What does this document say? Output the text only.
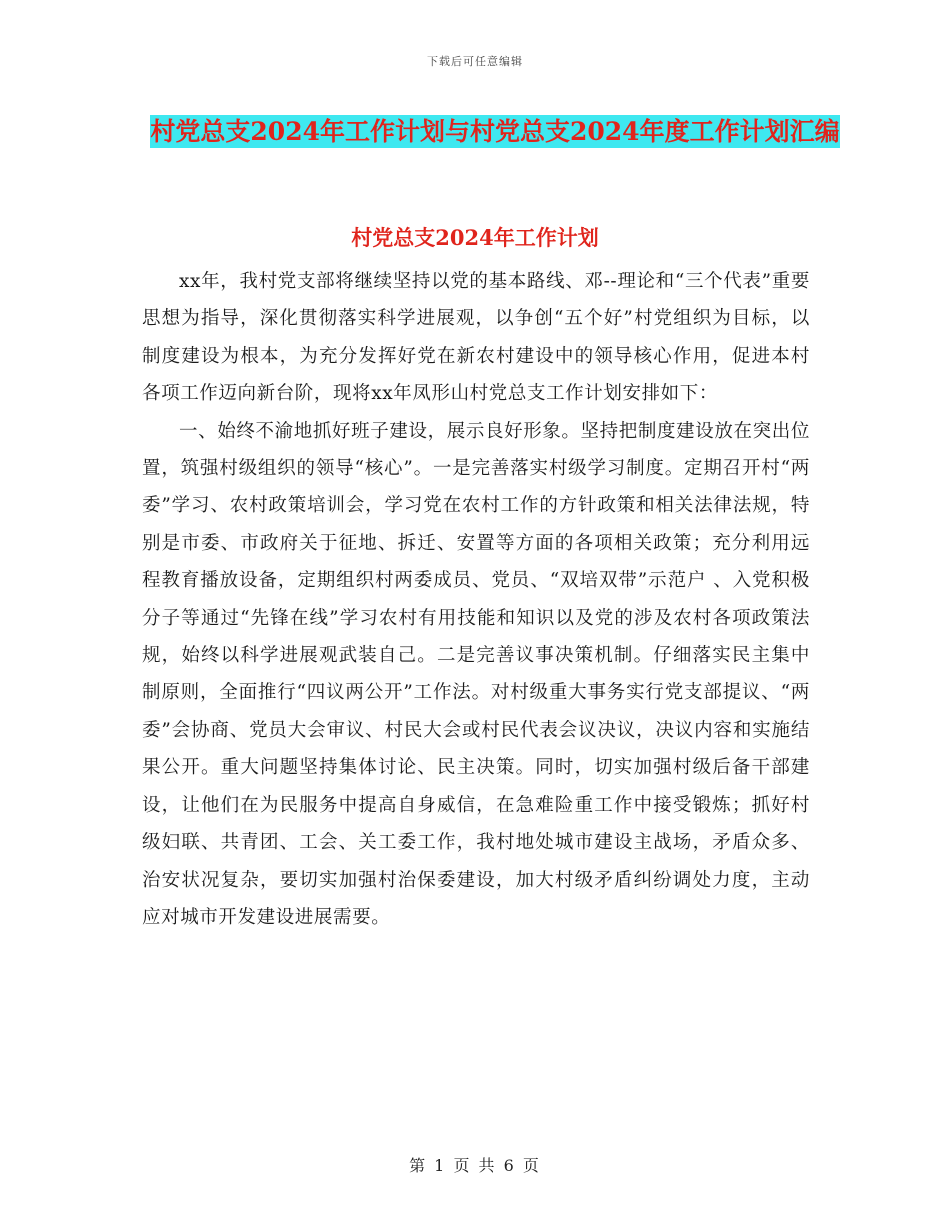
下载后可任意编辑
村党总支2024年工作计划与村党总支2024年度工作计划汇编
村党总支2024年工作计划

xx年，我村党支部将继续坚持以党的基本路线、邓--理论和“三个代表”重要思想为指导，深化贯彻落实科学进展观，以争创“五个好”村党组织为目标，以制度建设为根本，为充分发挥好党在新农村建设中的领导核心作用，促进本村各项工作迈向新台阶，现将xx年凤形山村党总支工作计划安排如下：

一、始终不渝地抓好班子建设，展示良好形象。坚持把制度建设放在突出位置，筑强村级组织的领导“核心”。一是完善落实村级学习制度。定期召开村“两委”学习、农村政策培训会，学习党在农村工作的方针政策和相关法律法规，特别是市委、市政府关于征地、拆迁、安置等方面的各项相关政策；充分利用远程教育播放设备，定期组织村两委成员、党员、“双培双带”示范户 、入党积极分子等通过“先锋在线”学习农村有用技能和知识以及党的涉及农村各项政策法规，始终以科学进展观武装自己。二是完善议事决策机制。仔细落实民主集中制原则，全面推行“四议两公开”工作法。对村级重大事务实行党支部提议、“两委”会协商、党员大会审议、村民大会或村民代表会议决议，决议内容和实施结果公开。重大问题坚持集体讨论、民主决策。同时，切实加强村级后备干部建设，让他们在为民服务中提高自身威信，在急难险重工作中接受锻炼；抓好村级妇联、共青团、工会、关工委工作，我村地处城市建设主战场，矛盾众多、治安状况复杂，要切实加强村治保委建设，加大村级矛盾纠纷调处力度，主动应对城市开发建设进展需要。

第 1 页 共 6 页
